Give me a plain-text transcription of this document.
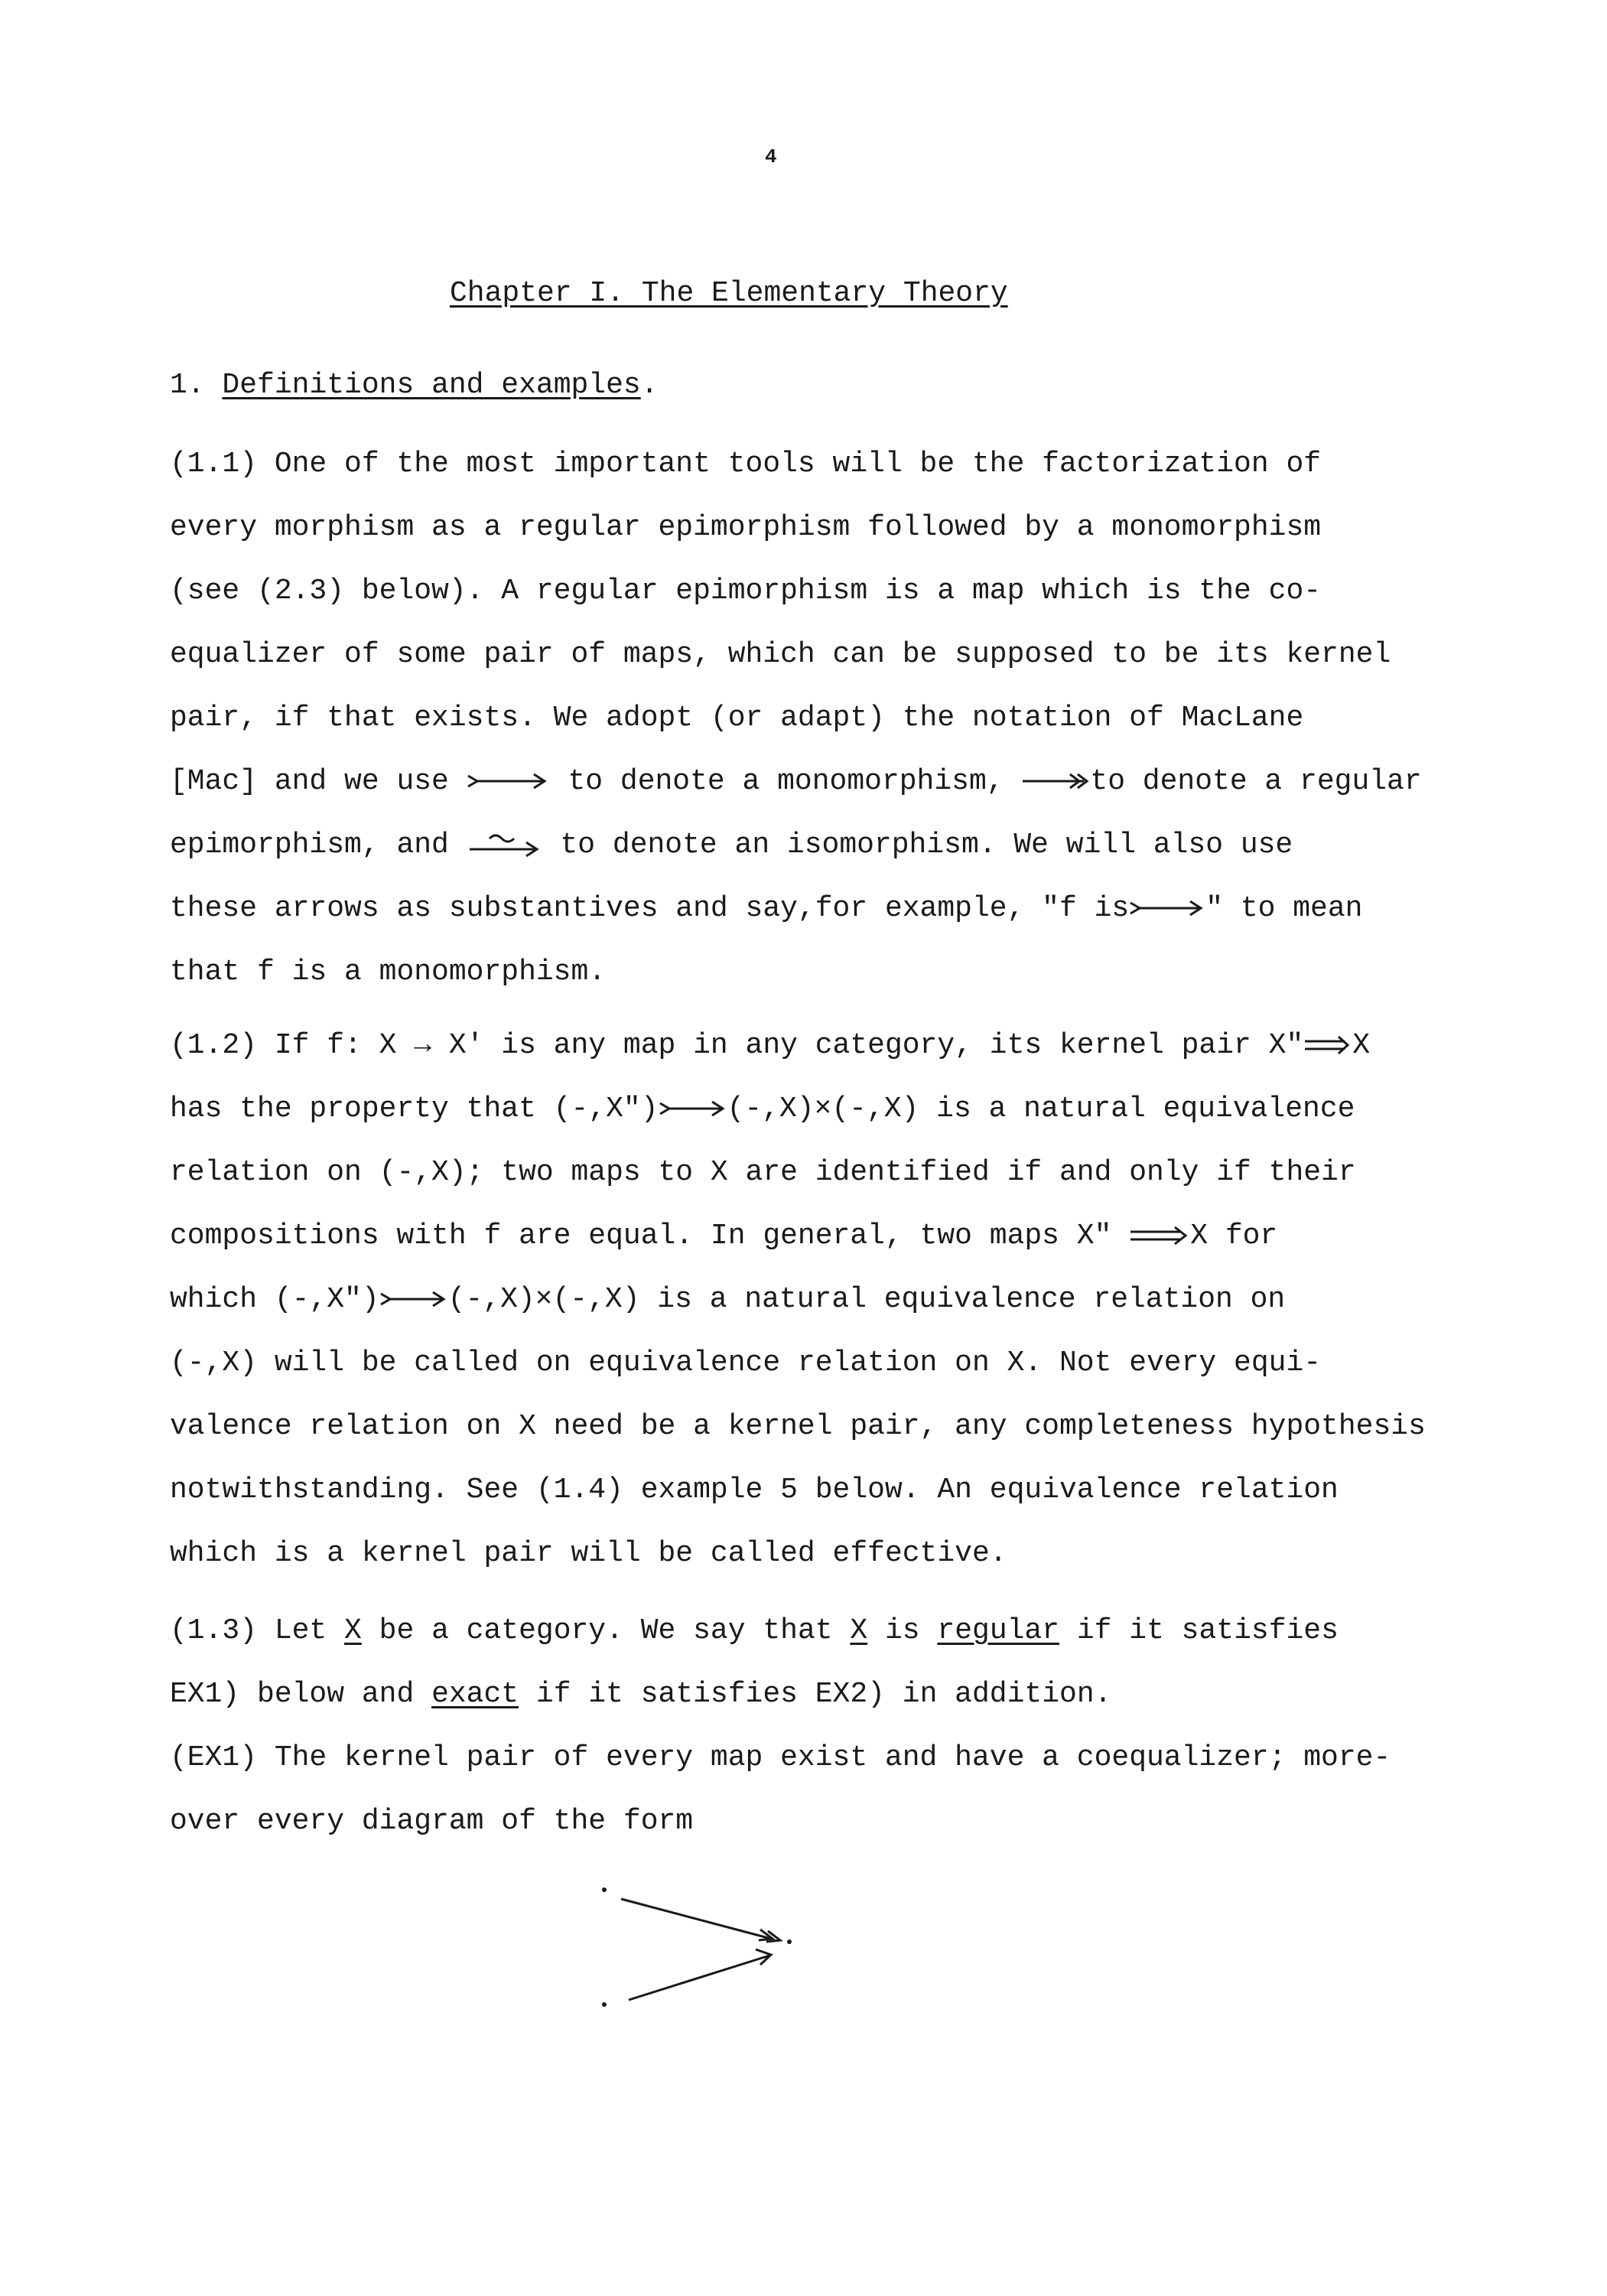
4
Chapter I. The Elementary Theory
1. Definitions and examples.
(1.1) One of the most important tools will be the factorization of
every morphism as a regular epimorphism followed by a monomorphism
(see (2.3) below). A regular epimorphism is a map which is the co-
equalizer of some pair of maps, which can be supposed to be its kernel
pair, if that exists. We adopt (or adapt) the notation of MacLane
[Mac] and we use	to denote a monomorphism,	to denote a regular
epimorphism, and	to denote an isomorphism. We will also use
these arrows as substantives and say,for example, "f is	" to mean
that f is a monomorphism.
(1.2) If f: X → X' is any map in any category, its kernel pair X" X
has the property that (-,X") (-,X)×(-,X) is a natural equivalence
relation on (-,X); two maps to X are identified if and only if their
compositions with f are equal. In general, two maps X"	X for
which (-,X") (-,X)×(-,X) is a natural equivalence relation on
(-,X) will be called on equivalence relation on X. Not every equi-
valence relation on X need be a kernel pair, any completeness hypothesis
notwithstanding. See (1.4) example 5 below. An equivalence relation
which is a kernel pair will be called effective.
(1.3) Let X be a category. We say that X is regular if it satisfies
EX1) below and exact if it satisfies EX2) in addition.
(EX1) The kernel pair of every map exist and have a coequalizer; more-
over every diagram of the form
